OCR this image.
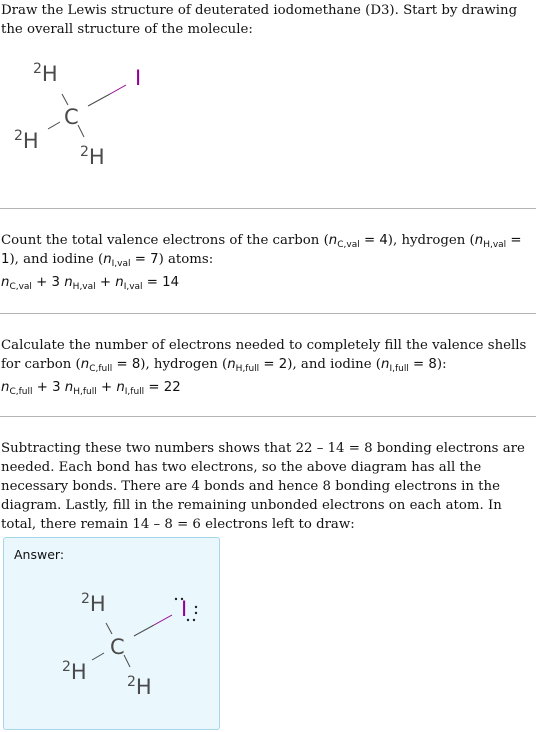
Draw the Lewis structure of deuterated iodomethane (D3). Start by drawing the overall structure of the molecule:
$^2$H	I
C
$^2$H	$^2$H
Count the total valence electrons of the carbon $(n_{C,val} = 4)$, hydrogen $(n_{H,val} = 1)$, and iodine $(n_{I,val} = 7)$ atoms:
$n_{C,val} + 3$ $n_{H,val} + n_{I,val} = 14$
Calculate the number of electrons needed to completely fill the valence shells for carbon $(n_{C,full} = 8)$, hydrogen $(n_{H,full} = 2)$, and iodine $(n_{I,full} = 8)$:
$n_{C,full} + 3$ $n_{H,full} + n_{I,full} = 22$
Subtracting these two numbers shows that 22 – 14 = 8 bonding electrons are needed. Each bond has two electrons, so the above diagram has all the necessary bonds. There are 4 bonds and hence 8 bonding electrons in the diagram. Lastly, fill in the remaining unbonded electrons on each atom. In total, there remain 14 – 8 = 6 electrons left to draw:
Answer:
$^2$H	I
C
$^2$H	$^2$H
